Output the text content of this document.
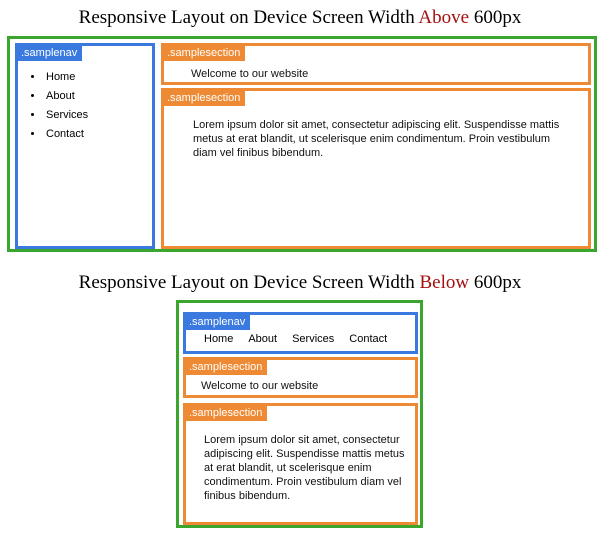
Responsive Layout on Device Screen Width Above 600px
.samplenav
• Home
• About
• Services
• Contact
.samplesection
Welcome to our website
.samplesection
Lorem ipsum dolor sit amet, consectetur adipiscing elit. Suspendisse mattis metus at erat blandit, ut scelerisque enim condimentum. Proin vestibulum diam vel finibus bibendum.
Responsive Layout on Device Screen Width Below 600px
.samplenav
Home About Services Contact
.samplesection
Welcome to our website
.samplesection
Lorem ipsum dolor sit amet, consectetur adipiscing elit. Suspendisse mattis metus at erat blandit, ut scelerisque enim condimentum. Proin vestibulum diam vel finibus bibendum.
